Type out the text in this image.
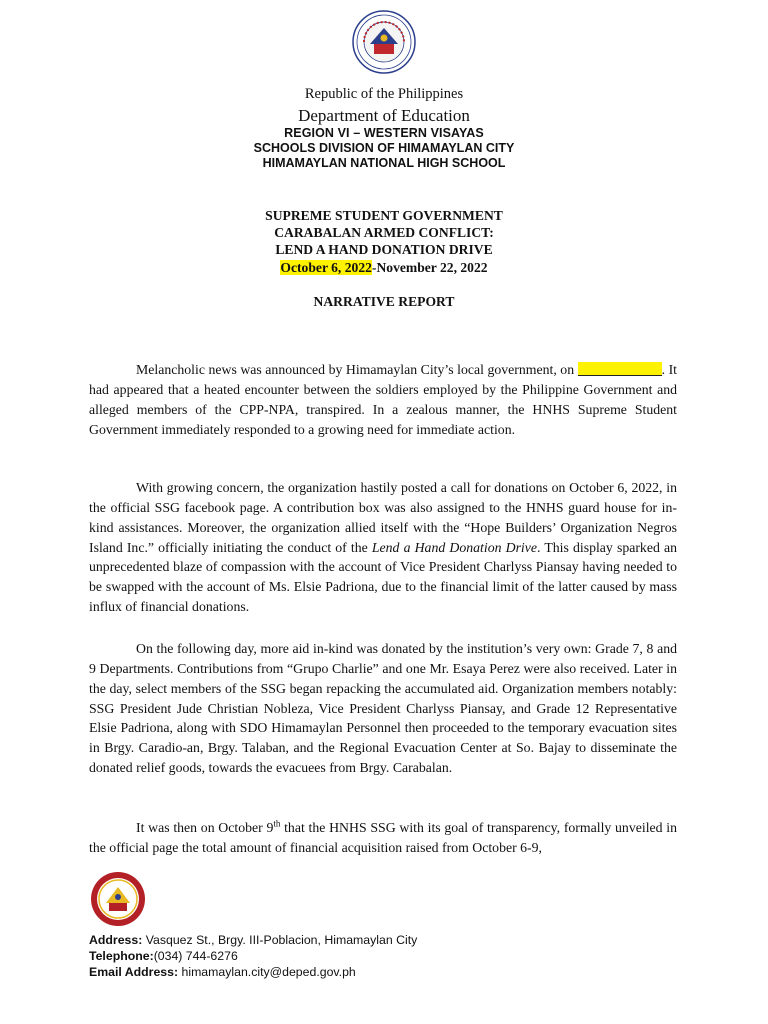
Republic of the Philippines
Department of Education
REGION VI – WESTERN VISAYAS
SCHOOLS DIVISION OF HIMAMAYLAN CITY
HIMAMAYLAN NATIONAL HIGH SCHOOL
SUPREME STUDENT GOVERNMENT
CARABALAN ARMED CONFLICT:
LEND A HAND DONATION DRIVE
October 6, 2022-November 22, 2022
NARRATIVE REPORT

Melancholic news was announced by Himamaylan City’s local government, on	. It had appeared that a heated encounter between the soldiers employed by the Philippine Government and alleged members of the CPP-NPA, transpired. In a zealous manner, the HNHS Supreme Student Government immediately responded to a growing need for immediate action.

With growing concern, the organization hastily posted a call for donations on October 6, 2022, in the official SSG facebook page. A contribution box was also assigned to the HNHS guard house for in-kind assistances. Moreover, the organization allied itself with the “Hope Builders’ Organization Negros Island Inc.” officially initiating the conduct of the Lend a Hand Donation Drive. This display sparked an unprecedented blaze of compassion with the account of Vice President Charlyss Piansay having needed to be swapped with the account of Ms. Elsie Padriona, due to the financial limit of the latter caused by mass influx of financial donations.

On the following day, more aid in-kind was donated by the institution’s very own: Grade 7, 8 and 9 Departments. Contributions from “Grupo Charlie” and one Mr. Esaya Perez were also received. Later in the day, select members of the SSG began repacking the accumulated aid. Organization members notably: SSG President Jude Christian Nobleza, Vice President Charlyss Piansay, and Grade 12 Representative Elsie Padriona, along with SDO Himamaylan Personnel then proceeded to the temporary evacuation sites in Brgy. Caradio-an, Brgy. Talaban, and the Regional Evacuation Center at So. Bajay to disseminate the donated relief goods, towards the evacuees from Brgy. Carabalan.

It was then on October 9th that the HNHS SSG with its goal of transparency, formally unveiled in the official page the total amount of financial acquisition raised from October 6-9,

Address: Vasquez St., Brgy. III-Poblacion, Himamaylan City
Telephone:(034) 744-6276
Email Address: himamaylan.city@deped.gov.ph
